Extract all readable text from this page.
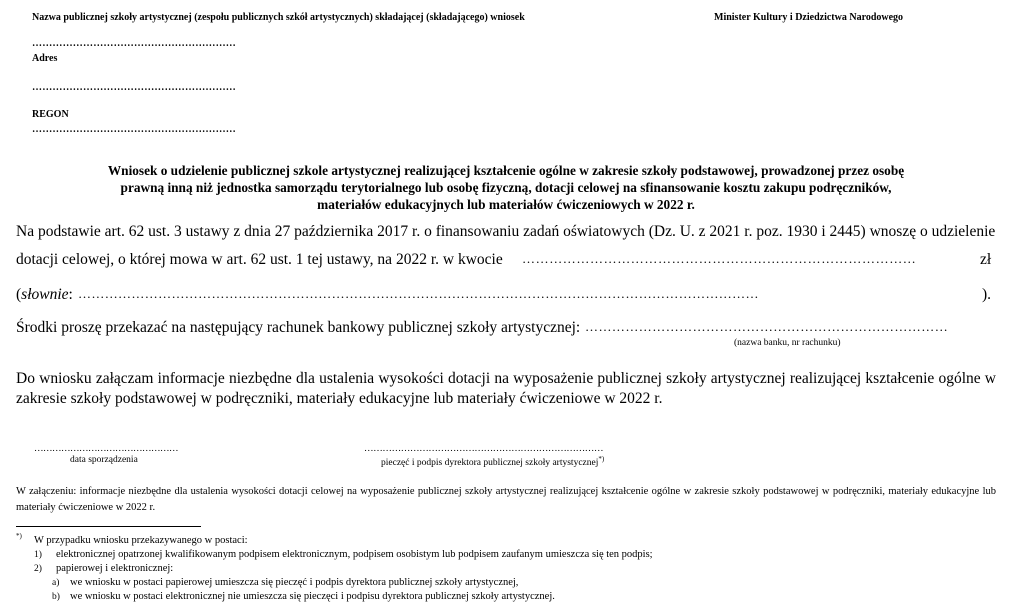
Nazwa publicznej szkoły artystycznej (zespołu publicznych szkół artystycznych) składającej (składającego) wniosek	Minister Kultury i Dziedzictwa Narodowego
……………………………………………………
Adres
……………………………………………………
REGON
……………………………………………………
Wniosek o udzielenie publicznej szkole artystycznej realizującej kształcenie ogólne w zakresie szkoły podstawowej, prowadzonej przez osobę
prawną inną niż jednostka samorządu terytorialnego lub osobę fizyczną, dotacji celowej na sfinansowanie kosztu zakupu podręczników,
materiałów edukacyjnych lub materiałów ćwiczeniowych w 2022 r.
Na podstawie art. 62 ust. 3 ustawy z dnia 27 października 2017 r. o finansowaniu zadań oświatowych (Dz. U. z 2021 r. poz. 1930 i 2445) wnoszę o udzielenie
dotacji celowej, o której mowa w art. 62 ust. 1 tej ustawy, na 2022 r. w kwocie ……………………………………………………………………………	zł
(słownie: ………………………………………………………………………………………………………………………………………	).
Środki proszę przekazać na następujący rachunek bankowy publicznej szkoły artystycznej: ………………………………………………………………………
(nazwa banku, nr rachunku)
Do wniosku załączam informacje niezbędne dla ustalenia wysokości dotacji na wyposażenie publicznej szkoły artystycznej realizującej kształcenie ogólne w zakresie szkoły podstawowej w podręczniki, materiały edukacyjne lub materiały ćwiczeniowe w 2022 r.
…………………………………………
data sporządzenia
……………………………………………………………………
pieczęć i podpis dyrektora publicznej szkoły artystycznej*)
W załączeniu: informacje niezbędne dla ustalenia wysokości dotacji celowej na wyposażenie publicznej szkoły artystycznej realizującej kształcenie ogólne w zakresie szkoły podstawowej w podręczniki, materiały edukacyjne lub materiały ćwiczeniowe w 2022 r.
*) W przypadku wniosku przekazywanego w postaci:
1) elektronicznej opatrzonej kwalifikowanym podpisem elektronicznym, podpisem osobistym lub podpisem zaufanym umieszcza się ten podpis;
2) papierowej i elektronicznej:
a) we wniosku w postaci papierowej umieszcza się pieczęć i podpis dyrektora publicznej szkoły artystycznej,
b) we wniosku w postaci elektronicznej nie umieszcza się pieczęci i podpisu dyrektora publicznej szkoły artystycznej.
